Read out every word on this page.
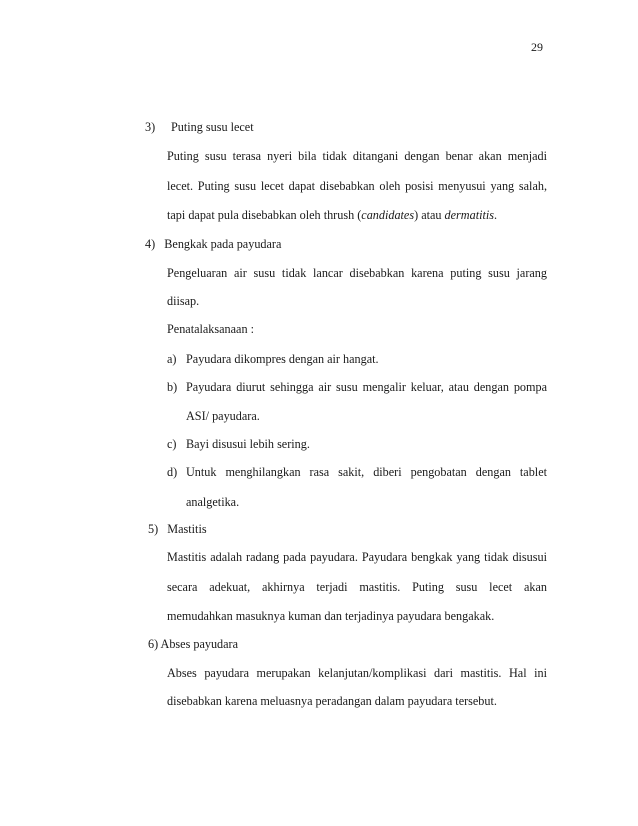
29
3) Puting susu lecet
Puting susu terasa nyeri bila tidak ditangani dengan benar akan menjadi
lecet. Puting susu lecet dapat disebabkan oleh posisi menyusui yang salah,
tapi dapat pula disebabkan oleh thrush (candidates) atau dermatitis.
4)   Bengkak pada payudara
Pengeluaran air susu tidak lancar disebabkan karena puting susu jarang
diisap.
Penatalaksanaan :
a) Payudara dikompres dengan air hangat.
b) Payudara diurut sehingga air susu mengalir keluar, atau dengan pompa
ASI/ payudara.
c) Bayi disusui lebih sering.
d) Untuk menghilangkan rasa sakit, diberi pengobatan dengan tablet
analgetika.
5)   Mastitis
Mastitis adalah radang pada payudara. Payudara bengkak yang tidak disusui
secara adekuat, akhirnya terjadi mastitis. Puting susu lecet akan
memudahkan masuknya kuman dan terjadinya payudara bengakak.
6) Abses payudara
Abses payudara merupakan kelanjutan/komplikasi dari mastitis. Hal ini
disebabkan karena meluasnya peradangan dalam payudara tersebut.
